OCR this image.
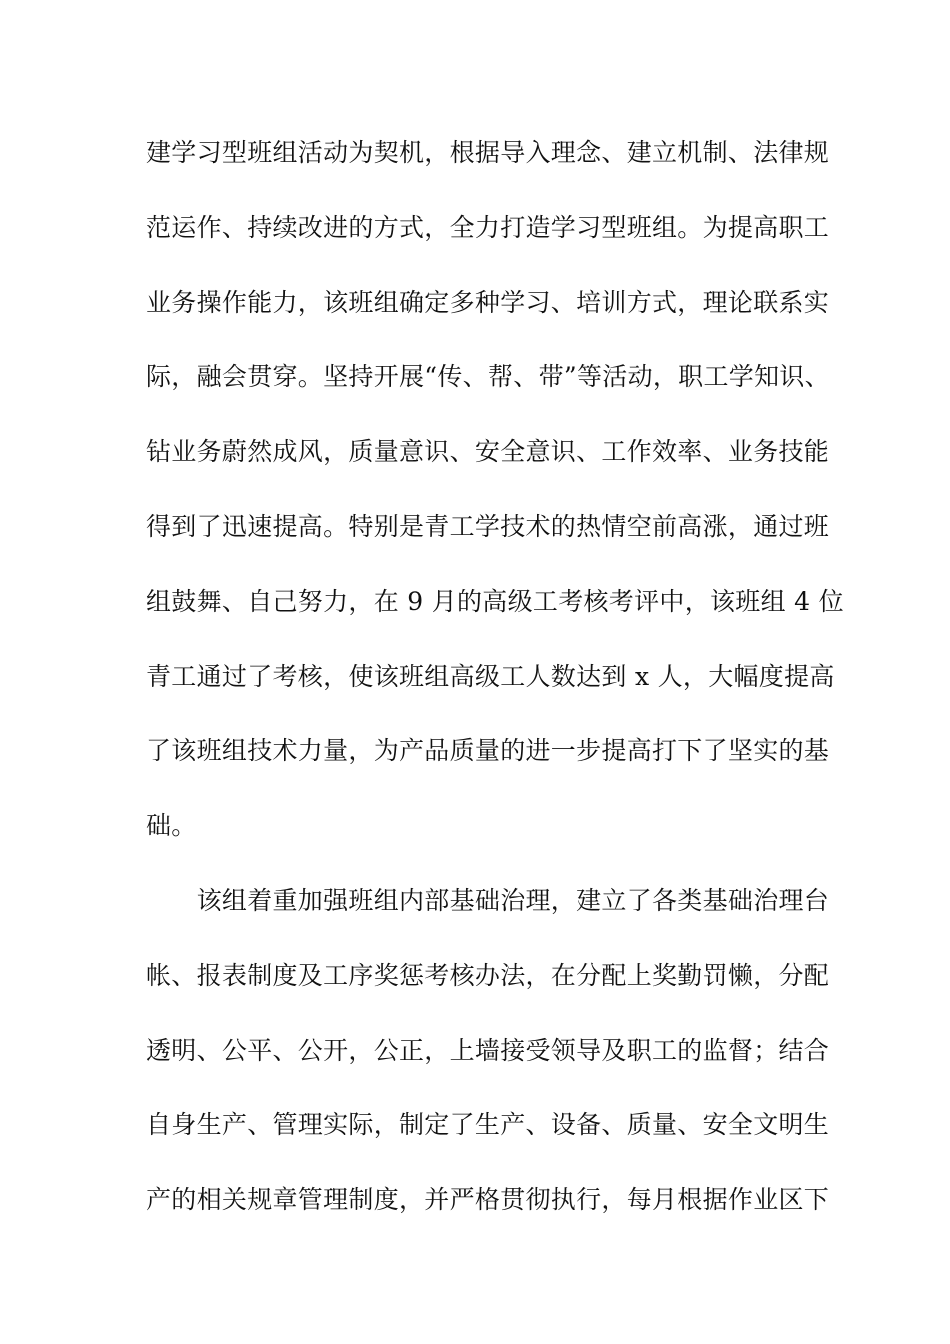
建学习型班组活动为契机，根据导入理念、建立机制、法律规
范运作、持续改进的方式，全力打造学习型班组。为提高职工
业务操作能力，该班组确定多种学习、培训方式，理论联系实
际，融会贯穿。坚持开展“传、帮、带”等活动，职工学知识、
钻业务蔚然成风，质量意识、安全意识、工作效率、业务技能
得到了迅速提高。特别是青工学技术的热情空前高涨，通过班
组鼓舞、自己努力，在 9 月的高级工考核考评中，该班组 4 位
青工通过了考核，使该班组高级工人数达到 x 人，大幅度提高
了该班组技术力量，为产品质量的进一步提高打下了坚实的基
础。
　　该组着重加强班组内部基础治理，建立了各类基础治理台
帐、报表制度及工序奖惩考核办法，在分配上奖勤罚懒，分配
透明、公平、公开，公正，上墙接受领导及职工的监督；结合
自身生产、管理实际，制定了生产、设备、质量、安全文明生
产的相关规章管理制度，并严格贯彻执行，每月根据作业区下
